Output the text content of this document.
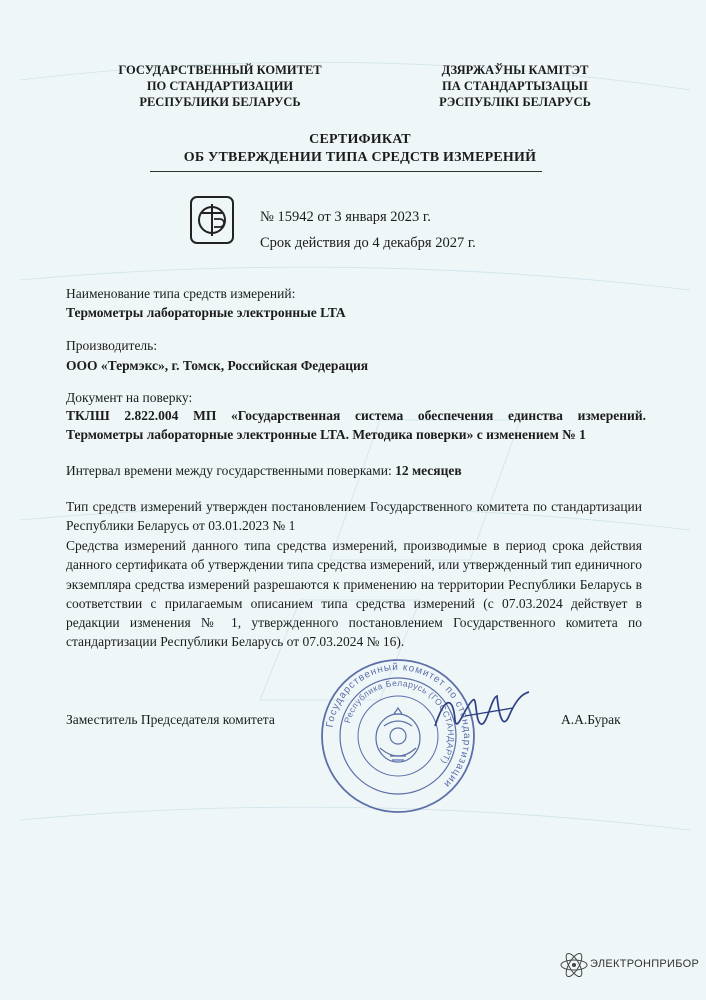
ГОСУДАРСТВЕННЫЙ КОМИТЕТ
ПО СТАНДАРТИЗАЦИИ
РЕСПУБЛИКИ БЕЛАРУСЬ
ДЗЯРЖАЎНЫ КАМІТЭТ
ПА СТАНДАРТЫЗАЦЫІ
РЭСПУБЛІКІ БЕЛАРУСЬ
СЕРТИФИКАТ
ОБ УТВЕРЖДЕНИИ ТИПА СРЕДСТВ ИЗМЕРЕНИЙ
№ 15942 от 3 января 2023 г.
Срок действия до 4 декабря 2027 г.
Наименование типа средств измерений:
Термометры лабораторные электронные LTA
Производитель:
ООО «Термэкс», г. Томск, Российская Федерация
Документ на поверку:
ТКЛШ 2.822.004 МП «Государственная система обеспечения единства измерений.
Термометры лабораторные электронные LTA. Методика поверки» с изменением № 1
Интервал времени между государственными поверками: 12 месяцев
Тип средств измерений утвержден постановлением Государственного комитета по стандартизации Республики Беларусь от 03.01.2023 № 1
Средства измерений данного типа средства измерений, производимые в период срока действия данного сертификата об утверждении типа средства измерений, или утвержденный тип единичного экземпляра средства измерений разрешаются к применению на территории Республики Беларусь в соответствии с прилагаемым описанием типа средства измерений (с 07.03.2024 действует в редакции изменения № 1, утвержденного постановлением Государственного комитета по стандартизации Республики Беларусь от 07.03.2024 № 16).
Заместитель Председателя комитета	Государственный комитет по стандартизации
Республика Беларусь (ГОССТАНДАРТ)
А.А.Бурак
ЭЛЕКТРОНПРИБОР
